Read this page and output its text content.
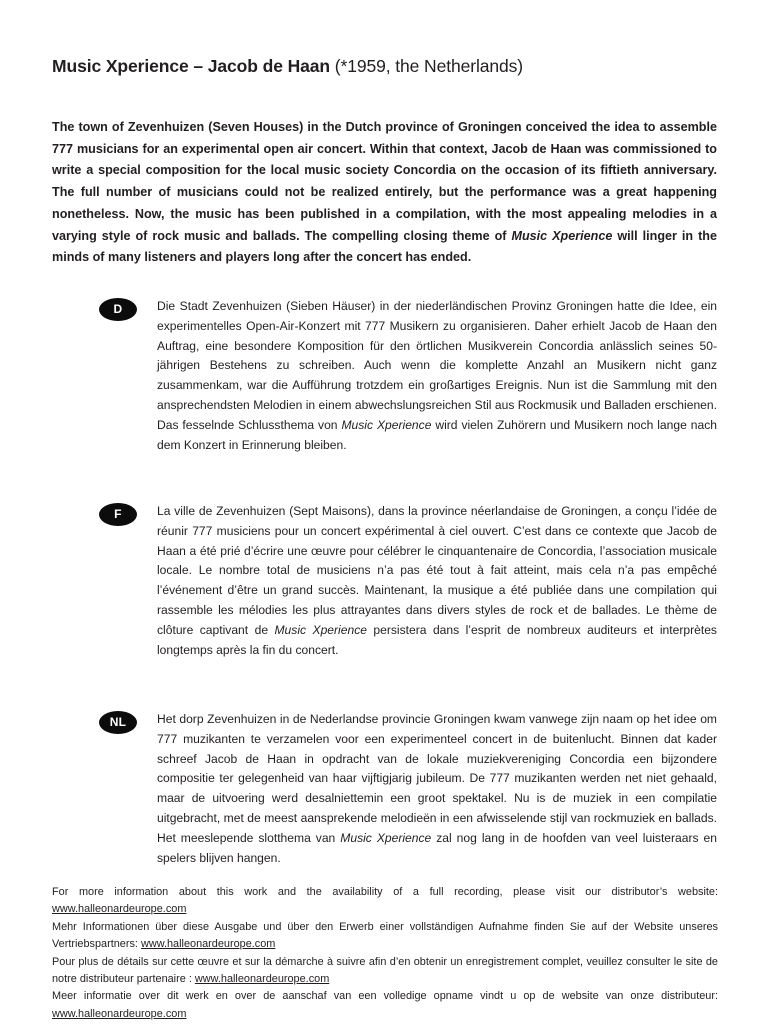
Music Xperience – Jacob de Haan (*1959, the Netherlands)

The town of Zevenhuizen (Seven Houses) in the Dutch province of Groningen conceived the idea to assemble 777 musicians for an experimental open air concert. Within that context, Jacob de Haan was commissioned to write a special composition for the local music society Concordia on the occasion of its fiftieth anniversary. The full number of musicians could not be realized entirely, but the performance was a great happening nonetheless. Now, the music has been published in a compilation, with the most appealing melodies in a varying style of rock music and ballads. The compelling closing theme of Music Xperience will linger in the minds of many listeners and players long after the concert has ended.

D	Die Stadt Zevenhuizen (Sieben Häuser) in der niederländischen Provinz Groningen hatte die Idee, ein experimentelles Open-Air-Konzert mit 777 Musikern zu organisieren. Daher erhielt Jacob de Haan den Auftrag, eine besondere Komposition für den örtlichen Musikverein Concordia anlässlich seines 50-jährigen Bestehens zu schreiben. Auch wenn die komplette Anzahl an Musikern nicht ganz zusammenkam, war die Aufführung trotzdem ein großartiges Ereignis. Nun ist die Sammlung mit den ansprechendsten Melodien in einem abwechslungsreichen Stil aus Rockmusik und Balladen erschienen. Das fesselnde Schlussthema von Music Xperience wird vielen Zuhörern und Musikern noch lange nach dem Konzert in Erinnerung bleiben.

F	La ville de Zevenhuizen (Sept Maisons), dans la province néerlandaise de Groningen, a conçu l’idée de réunir 777 musiciens pour un concert expérimental à ciel ouvert. C’est dans ce contexte que Jacob de Haan a été prié d’écrire une œuvre pour célébrer le cinquantenaire de Concordia, l’association musicale locale. Le nombre total de musiciens n’a pas été tout à fait atteint, mais cela n’a pas empêché l’événement d’être un grand succès. Maintenant, la musique a été publiée dans une compilation qui rassemble les mélodies les plus attrayantes dans divers styles de rock et de ballades. Le thème de clôture captivant de Music Xperience persistera dans l’esprit de nombreux auditeurs et interprètes longtemps après la fin du concert.

NL	Het dorp Zevenhuizen in de Nederlandse provincie Groningen kwam vanwege zijn naam op het idee om 777 muzikanten te verzamelen voor een experimenteel concert in de buitenlucht. Binnen dat kader schreef Jacob de Haan in opdracht van de lokale muziekvereniging Concordia een bijzondere compositie ter gelegenheid van haar vijftigjarig jubileum. De 777 muzikanten werden net niet gehaald, maar de uitvoering werd desalniettemin een groot spektakel. Nu is de muziek in een compilatie uitgebracht, met de meest aansprekende melodieën in een afwisselende stijl van rockmuziek en ballads. Het meeslepende slotthema van Music Xperience zal nog lang in de hoofden van veel luisteraars en spelers blijven hangen.

For more information about this work and the availability of a full recording, please visit our distributor’s website: www.halleonardeurope.com

Mehr Informationen über diese Ausgabe und über den Erwerb einer vollständigen Aufnahme finden Sie auf der Website unseres Vertriebspartners: www.halleonardeurope.com

Pour plus de détails sur cette œuvre et sur la démarche à suivre afin d’en obtenir un enregistrement complet, veuillez consulter le site de notre distributeur partenaire : www.halleonardeurope.com

Meer informatie over dit werk en over de aanschaf van een volledige opname vindt u op de website van onze distributeur: www.halleonardeurope.com
